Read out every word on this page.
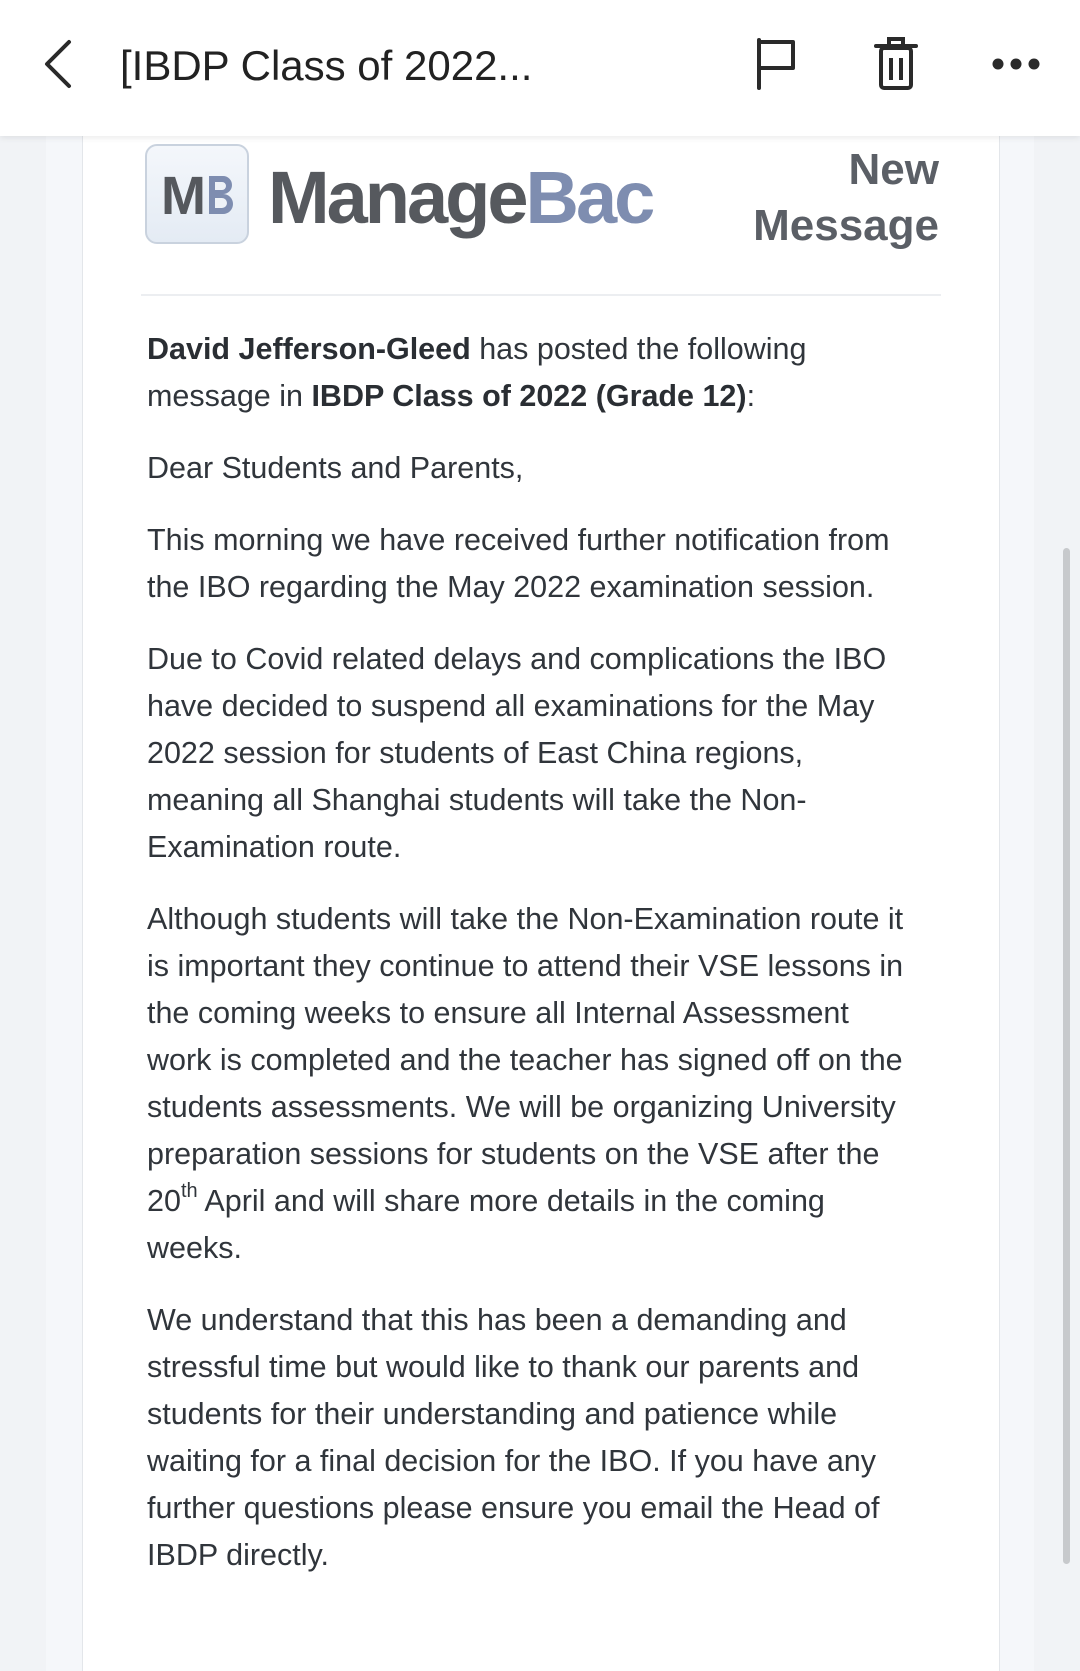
[IBDP Class of 2022...
M ManageBac	New
Message

David Jefferson-Gleed has posted the following message in IBDP Class of 2022 (Grade 12):

Dear Students and Parents,

This morning we have received further notification from the IBO regarding the May 2022 examination session.

Due to Covid related delays and complications the IBO have decided to suspend all examinations for the May 2022 session for students of East China regions, meaning all Shanghai students will take the Non-Examination route.

Although students will take the Non-Examination route it is important they continue to attend their VSE lessons in the coming weeks to ensure all Internal Assessment work is completed and the teacher has signed off on the students assessments. We will be organizing University preparation sessions for students on the VSE after the 20th April and will share more details in the coming weeks.

We understand that this has been a demanding and stressful time but would like to thank our parents and students for their understanding and patience while waiting for a final decision for the IBO. If you have any further questions please ensure you email the Head of IBDP directly.
